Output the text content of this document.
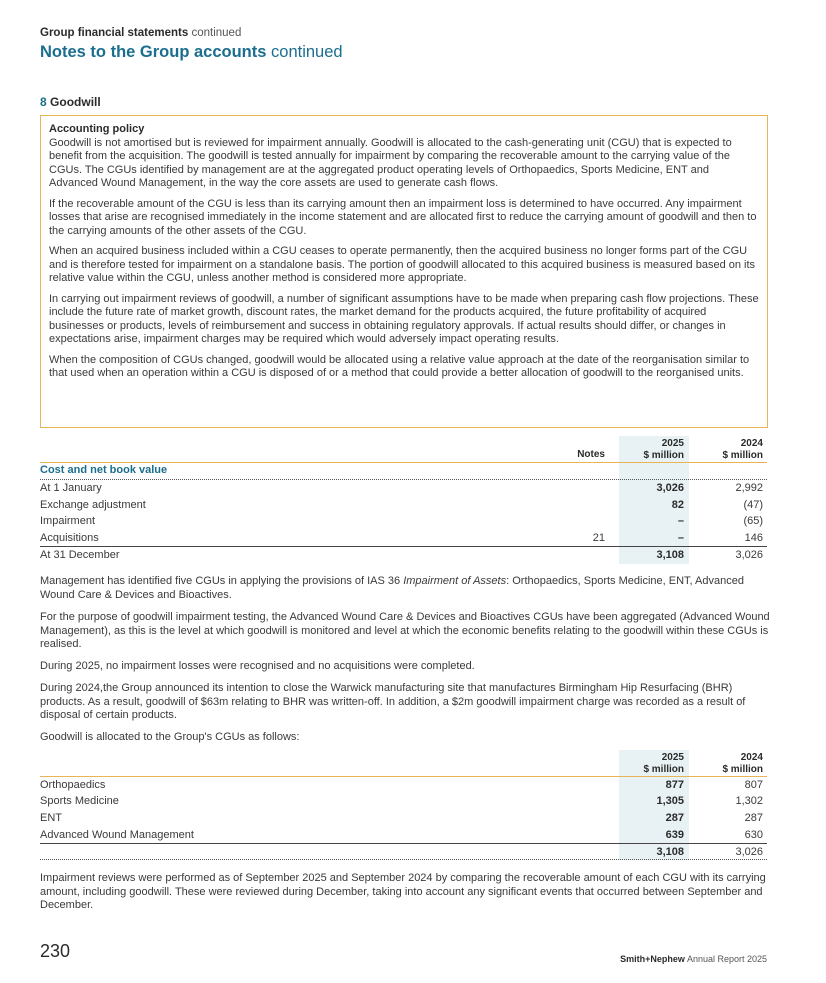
Group financial statements continued
Notes to the Group accounts continued
8 Goodwill
Accounting policy

Goodwill is not amortised but is reviewed for impairment annually. Goodwill is allocated to the cash-generating unit (CGU) that is expected to benefit from the acquisition. The goodwill is tested annually for impairment by comparing the recoverable amount to the carrying value of the CGUs. The CGUs identified by management are at the aggregated product operating levels of Orthopaedics, Sports Medicine, ENT and Advanced Wound Management, in the way the core assets are used to generate cash flows.

If the recoverable amount of the CGU is less than its carrying amount then an impairment loss is determined to have occurred. Any impairment losses that arise are recognised immediately in the income statement and are allocated first to reduce the carrying amount of goodwill and then to the carrying amounts of the other assets of the CGU.

When an acquired business included within a CGU ceases to operate permanently, then the acquired business no longer forms part of the CGU and is therefore tested for impairment on a standalone basis. The portion of goodwill allocated to this acquired business is measured based on its relative value within the CGU, unless another method is considered more appropriate.

In carrying out impairment reviews of goodwill, a number of significant assumptions have to be made when preparing cash flow projections. These include the future rate of market growth, discount rates, the market demand for the products acquired, the future profitability of acquired businesses or products, levels of reimbursement and success in obtaining regulatory approvals. If actual results should differ, or changes in expectations arise, impairment charges may be required which would adversely impact operating results.

When the composition of CGUs changed, goodwill would be allocated using a relative value approach at the date of the reorganisation similar to that used when an operation within a CGU is disposed of or a method that could provide a better allocation of goodwill to the reorganised units.

Notes
2025
$ million
2024
$ million
Cost and net book value
At 1 January	3,026	2,992
Exchange adjustment	82	(47)
Impairment	–	(65)
Acquisitions	21	–	146
At 31 December	3,108	3,026
Management has identified five CGUs in applying the provisions of IAS 36 Impairment of Assets: Orthopaedics, Sports Medicine, ENT, Advanced Wound Care & Devices and Bioactives.
For the purpose of goodwill impairment testing, the Advanced Wound Care & Devices and Bioactives CGUs have been aggregated (Advanced Wound Management), as this is the level at which goodwill is monitored and level at which the economic benefits relating to the goodwill within these CGUs is realised.
During 2025, no impairment losses were recognised and no acquisitions were completed.
During 2024,the Group announced its intention to close the Warwick manufacturing site that manufactures Birmingham Hip Resurfacing (BHR) products. As a result, goodwill of $63m relating to BHR was written-off. In addition, a $2m goodwill impairment charge was recorded as a result of disposal of certain products.
Goodwill is allocated to the Group's CGUs as follows:
2025
$ million
2024
$ million
Orthopaedics	877	807
Sports Medicine	1,305	1,302
ENT	287	287
Advanced Wound Management	639	630
3,108	3,026
Impairment reviews were performed as of September 2025 and September 2024 by comparing the recoverable amount of each CGU with its carrying amount, including goodwill. These were reviewed during December, taking into account any significant events that occurred between September and December.
230	Smith+Nephew Annual Report 2025
